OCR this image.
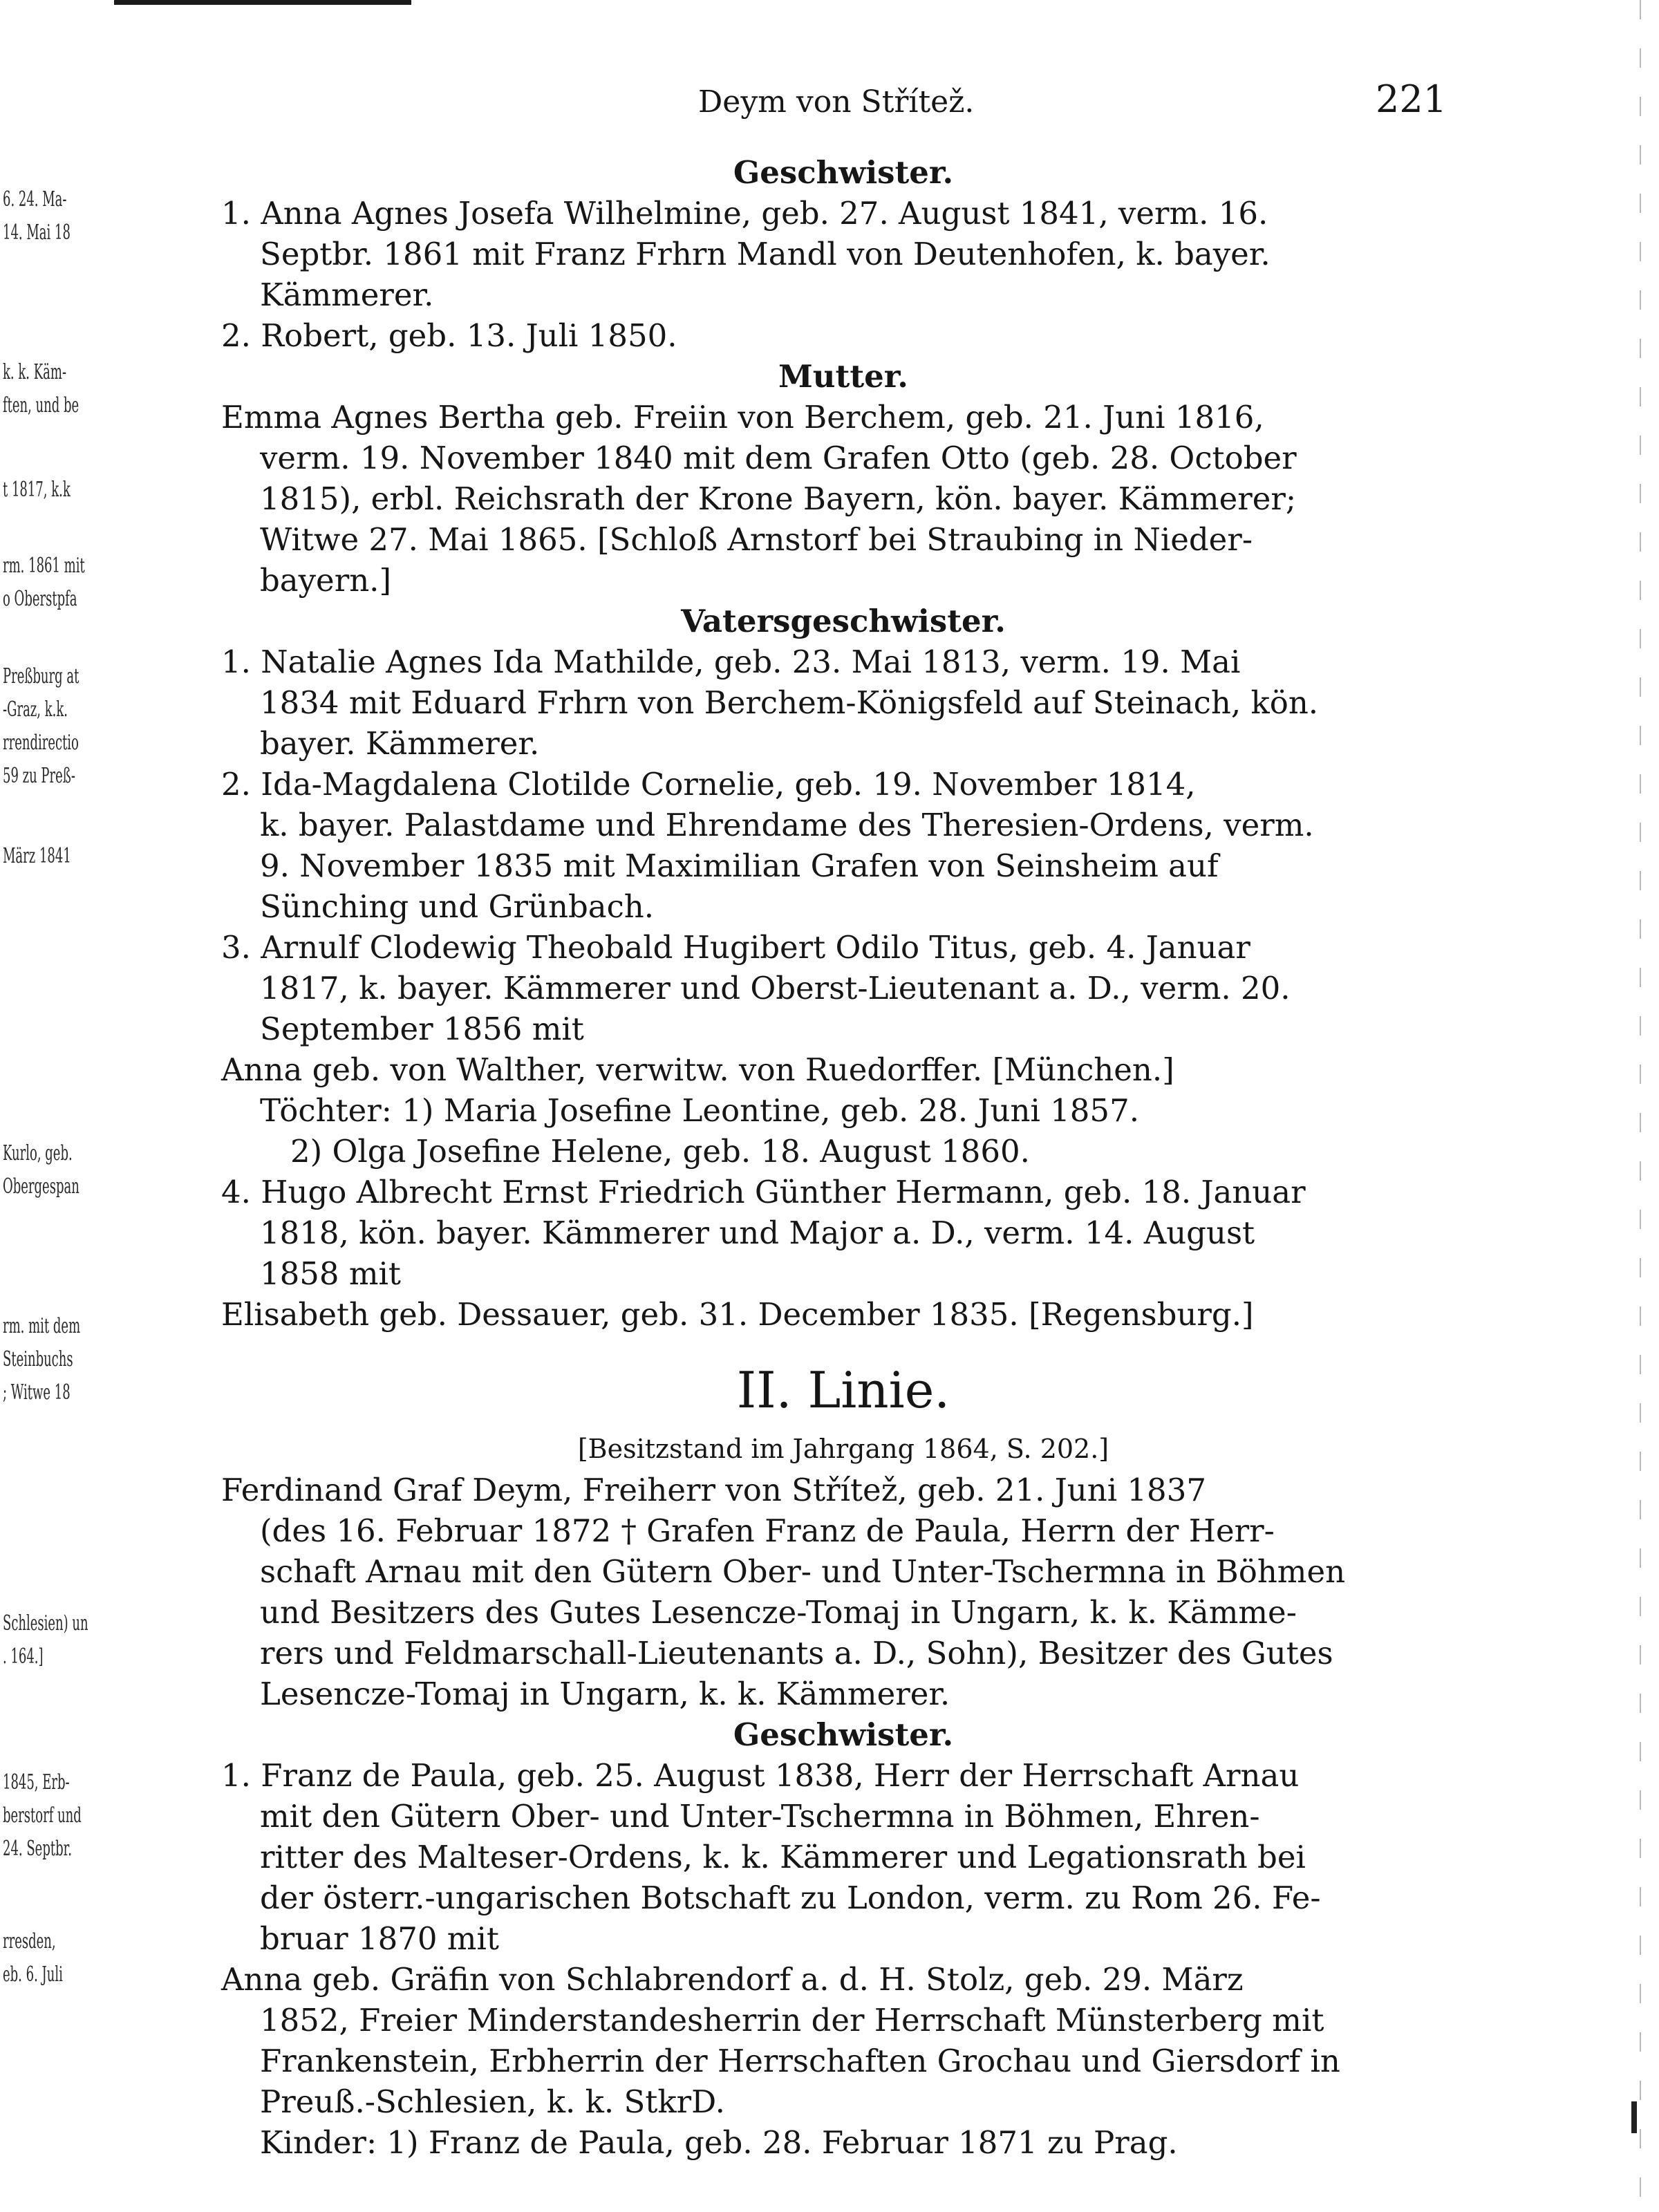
6. 24. Ma-
14. Mai 18
k. k. Käm-
ften, und be
t 1817, k.k
rm. 1861 mit
o Oberstpfa
Preßburg at
-Graz, k.k.
rrendirectio
59 zu Preß-
März 1841
Kurlo, geb.
Obergespan
rm. mit dem
Steinbuchs
; Witwe 18
Schlesien) un
. 164.]
1845, Erb-
berstorf und
24. Septbr.
rresden,
eb. 6. Juli
Deym von Střítež.	221
Geschwister.
1. Anna Agnes Josefa Wilhelmine, geb. 27. August 1841, verm. 16.
Septbr. 1861 mit Franz Frhrn Mandl von Deutenhofen, k. bayer.
Kämmerer.
2. Robert, geb. 13. Juli 1850.
Mutter.
Emma Agnes Bertha geb. Freiin von Berchem, geb. 21. Juni 1816,
verm. 19. November 1840 mit dem Grafen Otto (geb. 28. October
1815), erbl. Reichsrath der Krone Bayern, kön. bayer. Kämmerer;
Witwe 27. Mai 1865. [Schloß Arnstorf bei Straubing in Nieder-
bayern.]
Vatersgeschwister.
1. Natalie Agnes Ida Mathilde, geb. 23. Mai 1813, verm. 19. Mai
1834 mit Eduard Frhrn von Berchem-Königsfeld auf Steinach, kön.
bayer. Kämmerer.
2. Ida-Magdalena Clotilde Cornelie, geb. 19. November 1814,
k. bayer. Palastdame und Ehrendame des Theresien-Ordens, verm.
9. November 1835 mit Maximilian Grafen von Seinsheim auf
Sünching und Grünbach.
3. Arnulf Clodewig Theobald Hugibert Odilo Titus, geb. 4. Januar
1817, k. bayer. Kämmerer und Oberst-Lieutenant a. D., verm. 20.
September 1856 mit
Anna geb. von Walther, verwitw. von Ruedorffer. [München.]
Töchter: 1) Maria Josefine Leontine, geb. 28. Juni 1857.
2) Olga Josefine Helene, geb. 18. August 1860.
4. Hugo Albrecht Ernst Friedrich Günther Hermann, geb. 18. Januar
1818, kön. bayer. Kämmerer und Major a. D., verm. 14. August
1858 mit
Elisabeth geb. Dessauer, geb. 31. December 1835. [Regensburg.]
II. Linie.
[Besitzstand im Jahrgang 1864, S. 202.]
Ferdinand Graf Deym, Freiherr von Střítež, geb. 21. Juni 1837
(des 16. Februar 1872 † Grafen Franz de Paula, Herrn der Herr-
schaft Arnau mit den Gütern Ober- und Unter-Tschermna in Böhmen
und Besitzers des Gutes Lesencze-Tomaj in Ungarn, k. k. Kämme-
rers und Feldmarschall-Lieutenants a. D., Sohn), Besitzer des Gutes
Lesencze-Tomaj in Ungarn, k. k. Kämmerer.
Geschwister.
1. Franz de Paula, geb. 25. August 1838, Herr der Herrschaft Arnau
mit den Gütern Ober- und Unter-Tschermna in Böhmen, Ehren-
ritter des Malteser-Ordens, k. k. Kämmerer und Legationsrath bei
der österr.-ungarischen Botschaft zu London, verm. zu Rom 26. Fe-
bruar 1870 mit
Anna geb. Gräfin von Schlabrendorf a. d. H. Stolz, geb. 29. März
1852, Freier Minderstandesherrin der Herrschaft Münsterberg mit
Frankenstein, Erbherrin der Herrschaften Grochau und Giersdorf in
Preuß.-Schlesien, k. k. StkrD.
Kinder: 1) Franz de Paula, geb. 28. Februar 1871 zu Prag.
